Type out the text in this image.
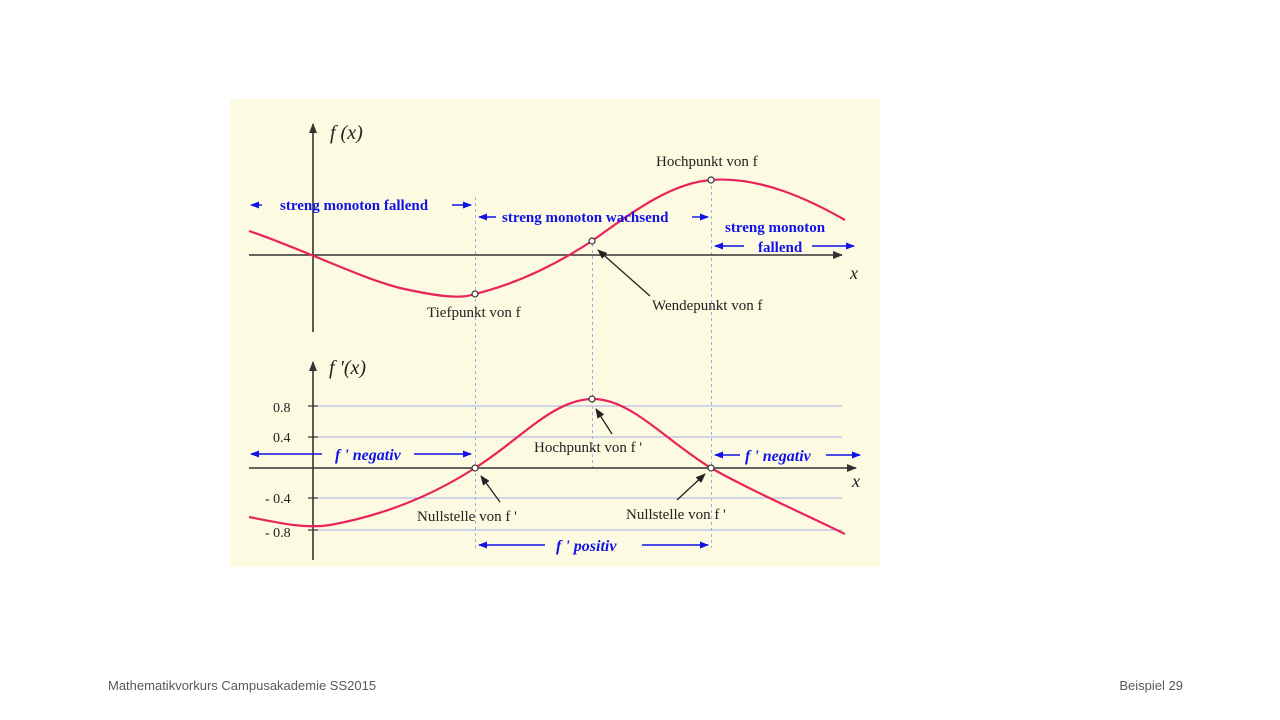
f (x)
x
Tiefpunkt von f
Hochpunkt von f
Wendepunkt von f
streng monoton fallend
streng monoton wachsend
streng monoton
fallend
f '(x)
x
0.8
0.4
- 0.4
- 0.8
Hochpunkt von f '
Nullstelle von f '	Nullstelle von f '
f ' negativ	f ' negativ
f ' positiv
Mathematikvorkurs Campusakademie SS2015	Beispiel 29
